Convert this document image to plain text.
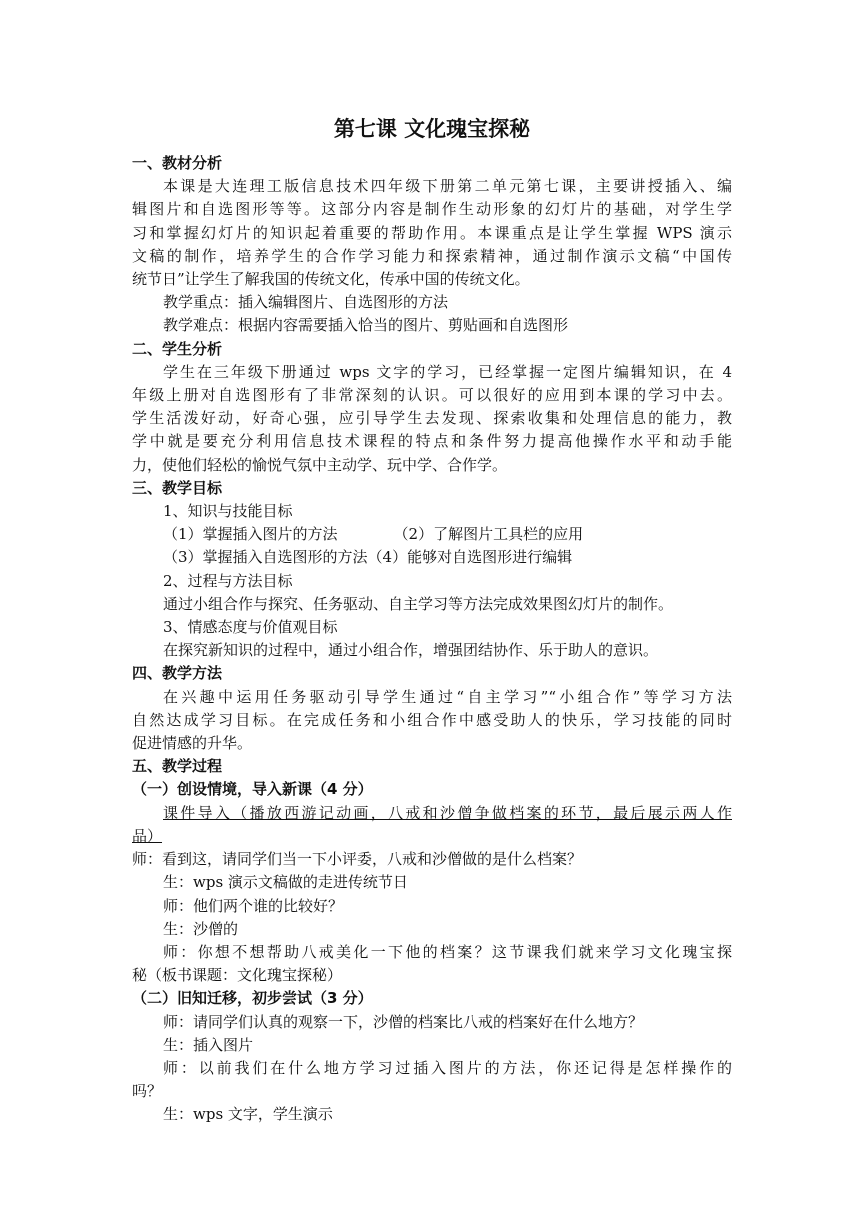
第七课 文化瑰宝探秘

一、教材分析

本课是大连理工版信息技术四年级下册第二单元第七课，主要讲授插入、编

辑图片和自选图形等等。这部分内容是制作生动形象的幻灯片的基础，对学生学

习和掌握幻灯片的知识起着重要的帮助作用。本课重点是让学生掌握 WPS 演示

文稿的制作，培养学生的合作学习能力和探索精神，通过制作演示文稿“中国传

统节日”让学生了解我国的传统文化，传承中国的传统文化。

教学重点：插入编辑图片、自选图形的方法

教学难点：根据内容需要插入恰当的图片、剪贴画和自选图形

二、学生分析

学生在三年级下册通过 wps 文字的学习，已经掌握一定图片编辑知识，在 4

年级上册对自选图形有了非常深刻的认识。可以很好的应用到本课的学习中去。

学生活泼好动，好奇心强，应引导学生去发现、探索收集和处理信息的能力，教

学中就是要充分利用信息技术课程的特点和条件努力提高他操作水平和动手能

力，使他们轻松的愉悦气氛中主动学、玩中学、合作学。

三、教学目标

1、知识与技能目标

（1）掌握插入图片的方法	（2）了解图片工具栏的应用

（3）掌握插入自选图形的方法（4）能够对自选图形进行编辑

2、过程与方法目标

通过小组合作与探究、任务驱动、自主学习等方法完成效果图幻灯片的制作。

3、情感态度与价值观目标

在探究新知识的过程中，通过小组合作，增强团结协作、乐于助人的意识。

四、教学方法

在兴趣中运用任务驱动引导学生通过“自主学习”“小组合作”等学习方法

自然达成学习目标。在完成任务和小组合作中感受助人的快乐，学习技能的同时

促进情感的升华。

五、教学过程

（一）创设情境，导入新课（4 分）

课件导入（播放西游记动画，八戒和沙僧争做档案的环节，最后展示两人作

品）

师：看到这，请同学们当一下小评委，八戒和沙僧做的是什么档案？

生：wps 演示文稿做的走进传统节日

师：他们两个谁的比较好？

生：沙僧的

师：你想不想帮助八戒美化一下他的档案？这节课我们就来学习文化瑰宝探

秘（板书课题：文化瑰宝探秘）

（二）旧知迁移，初步尝试（3 分）

师：请同学们认真的观察一下，沙僧的档案比八戒的档案好在什么地方？

生：插入图片

师：以前我们在什么地方学习过插入图片的方法，你还记得是怎样操作的

吗？

生：wps 文字，学生演示
